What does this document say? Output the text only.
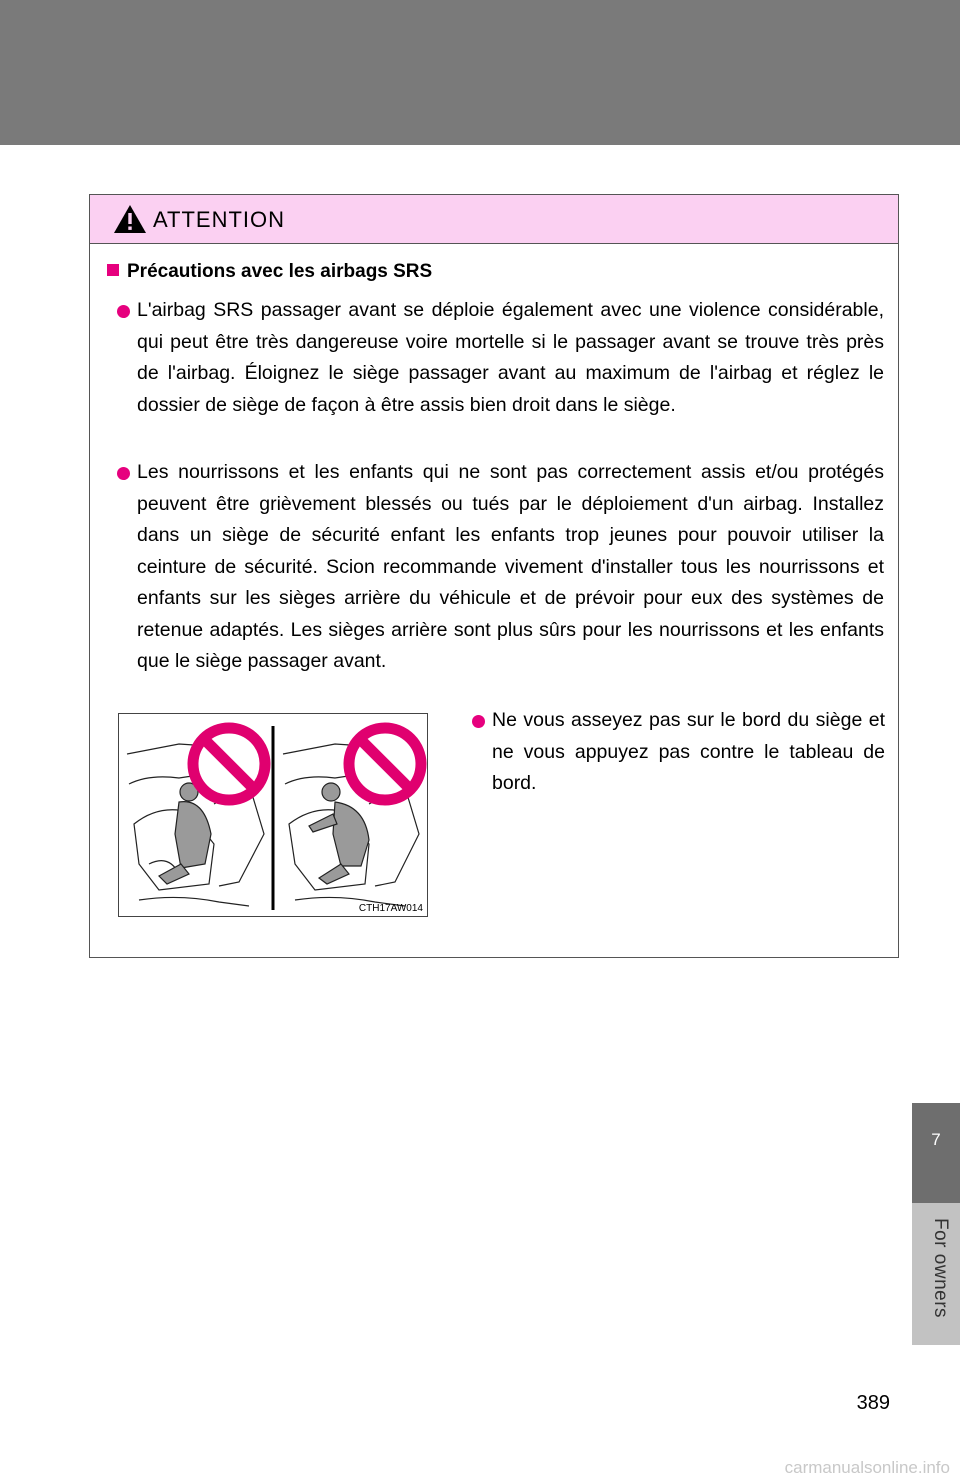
ATTENTION
Précautions avec les airbags SRS
L'airbag SRS passager avant se déploie également avec une violence considérable, qui peut être très dangereuse voire mortelle si le passager avant se trouve très près de l'airbag. Éloignez le siège passager avant au maximum de l'airbag et réglez le dossier de siège de façon à être assis bien droit dans le siège.
Les nourrissons et les enfants qui ne sont pas correctement assis et/ou protégés peuvent être grièvement blessés ou tués par le déploiement d'un airbag. Installez dans un siège de sécurité enfant les enfants trop jeunes pour pouvoir utiliser la ceinture de sécurité. Scion recommande vivement d'installer tous les nourrissons et enfants sur les sièges arrière du véhicule et de prévoir pour eux des systèmes de retenue adaptés. Les sièges arrière sont plus sûrs pour les nourrissons et les enfants que le siège passager avant.
CTH17AW014
Ne vous asseyez pas sur le bord du siège et ne vous appuyez pas contre le tableau de bord.
7
For owners
389
carmanualsonline.info
